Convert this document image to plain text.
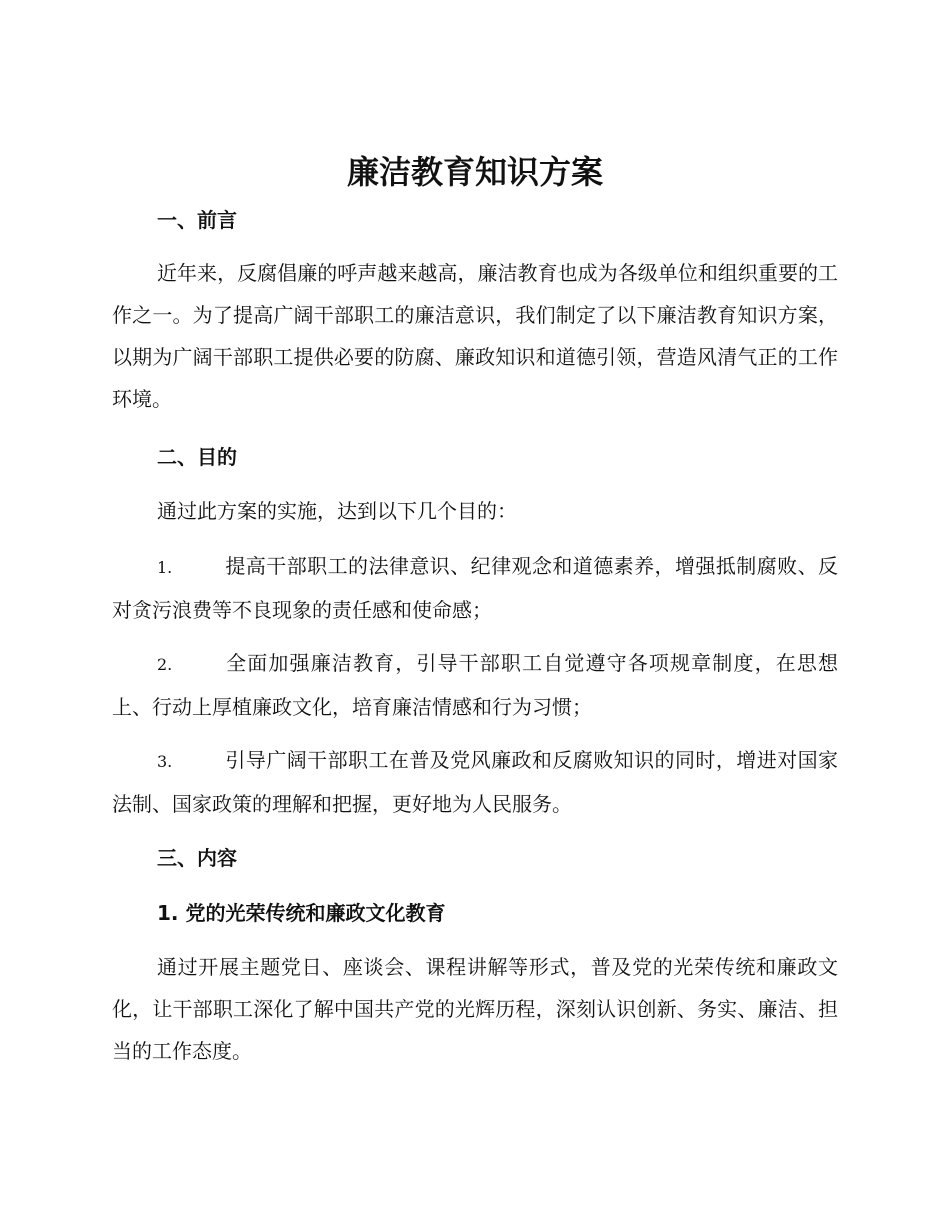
廉洁教育知识方案
一、前言

近年来，反腐倡廉的呼声越来越高，廉洁教育也成为各级单位和组织重要的工作之一。为了提高广阔干部职工的廉洁意识，我们制定了以下廉洁教育知识方案，以期为广阔干部职工提供必要的防腐、廉政知识和道德引领，营造风清气正的工作环境。

二、目的

通过此方案的实施，达到以下几个目的：

1.	提高干部职工的法律意识、纪律观念和道德素养，增强抵制腐败、反对贪污浪费等不良现象的责任感和使命感；

2.	全面加强廉洁教育，引导干部职工自觉遵守各项规章制度，在思想上、行动上厚植廉政文化，培育廉洁情感和行为习惯；

3.	引导广阔干部职工在普及党风廉政和反腐败知识的同时，增进对国家法制、国家政策的理解和把握，更好地为人民服务。

三、内容
1. 党的光荣传统和廉政文化教育

通过开展主题党日、座谈会、课程讲解等形式，普及党的光荣传统和廉政文化，让干部职工深化了解中国共产党的光辉历程，深刻认识创新、务实、廉洁、担当的工作态度。
